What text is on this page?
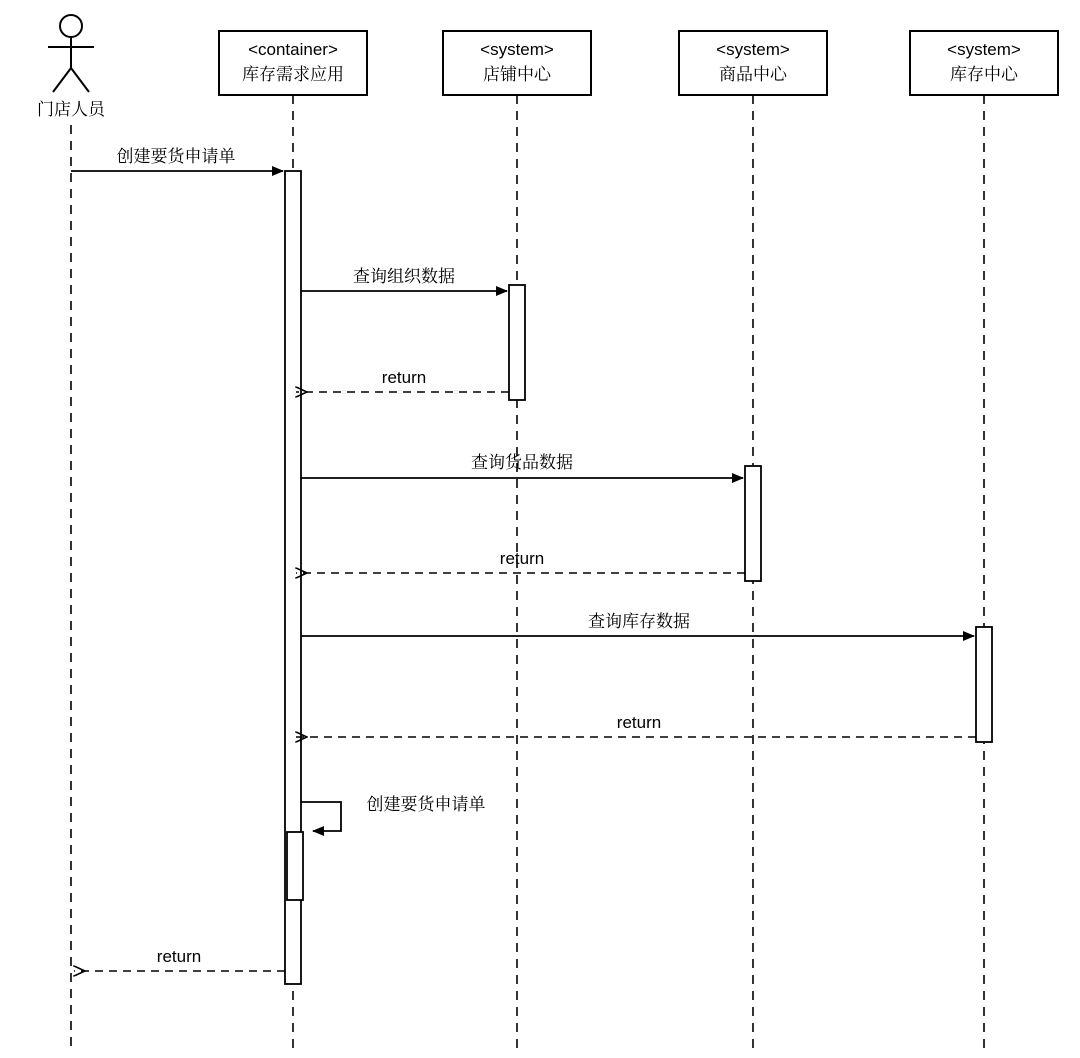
门店人员
<container>
库存需求应用
<system>
店铺中心
<system>
商品中心
<system>
库存中心
创建要货申请单
查询组织数据
return
查询货品数据
return
查询库存数据
return
创建要货申请单
return
